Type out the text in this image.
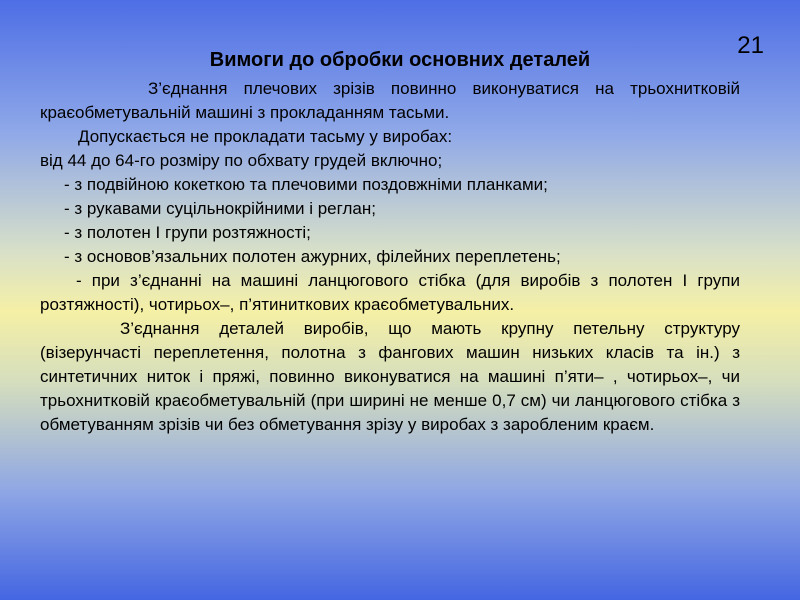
21
Вимоги до обробки основних деталей

З’єднання плечових зрізів повинно виконуватися на трьохнитковій краєобметувальній машині з прокладанням тасьми.

Допускається не прокладати тасьму у виробах:

від 44 до 64-го розміру по обхвату грудей включно;

- з подвійною кокеткою та плечовими поздовжніми планками;

- з рукавами суцільнокрійними і реглан;

- з полотен І групи розтяжності;

- з основов’язальних полотен ажурних, філейних переплетень;

- при з’єднанні на машині ланцюгового стібка (для виробів з полотен І групи розтяжності), чотирьох–, п’ятиниткових краєобметувальних.

З’єднання деталей виробів, що мають крупну петельну структуру (візерунчасті переплетення, полотна з фангових машин низьких класів та ін.) з синтетичних ниток і пряжі, повинно виконуватися на машині п’яти– , чотирьох–, чи трьохнитковій краєобметувальній (при ширині не менше 0,7 см) чи ланцюгового стібка з обметуванням зрізів чи без обметування зрізу у виробах з заробленим краєм.
